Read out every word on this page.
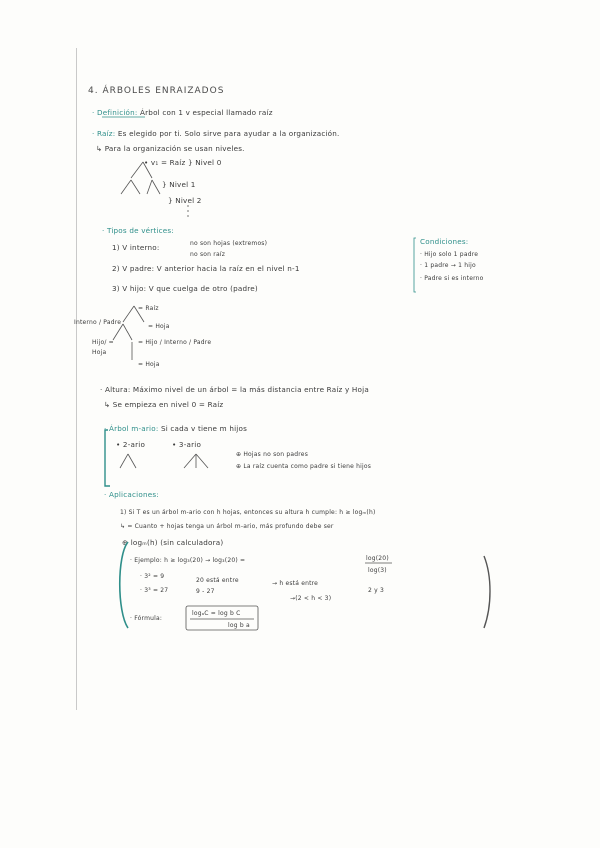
4. ÁRBOLES ENRAIZADOS
· Definición: Árbol con 1 v especial llamado raíz
· Raíz: Es elegido por ti. Solo sirve para ayudar a la organización.
↳ Para la organización se usan niveles.
• v₁ = Raíz } Nivel 0
} Nivel 1
} Nivel 2
· Tipos de vértices:
1) V interno:	no son hojas (extremos)
no son raíz
2) V padre: V anterior hacia la raíz en el nivel n-1
3) V hijo: V que cuelga de otro (padre)
Condiciones:
· Hijo solo 1 padre
· 1 padre → 1 hijo
· Padre si es interno
= Raíz
Interno / Padre
= Hoja
Hijo/ = Hoja
= Hijo / Interno / Padre
= Hoja
· Altura: Máximo nivel de un árbol = la más distancia entre Raíz y Hoja
↳ Se empieza en nivel 0 = Raíz
· Árbol m-ario: Si cada v tiene m hijos
• 2-ario	• 3-ario
⊕ Hojas no son padres
⊕ La raíz cuenta como padre si tiene hijos
· Aplicaciones:
1) Si T es un árbol m-ario con h hojas, entonces su altura h cumple: h ≥ logₘ(h)
↳ = Cuanto + hojas tenga un árbol m-ario, más profundo debe ser
⊕ logₘ(h) (sin calculadora)
· Ejemplo: h ≥ log₃(20) → log₃(20) =	log(20)
log(3)
· 3² = 9
· 3³ = 27
20 está entre
9 - 27
→ h está entre
2 y 3
→(2 < h < 3)
· Fórmula:
logₐC = log b C
log b a
